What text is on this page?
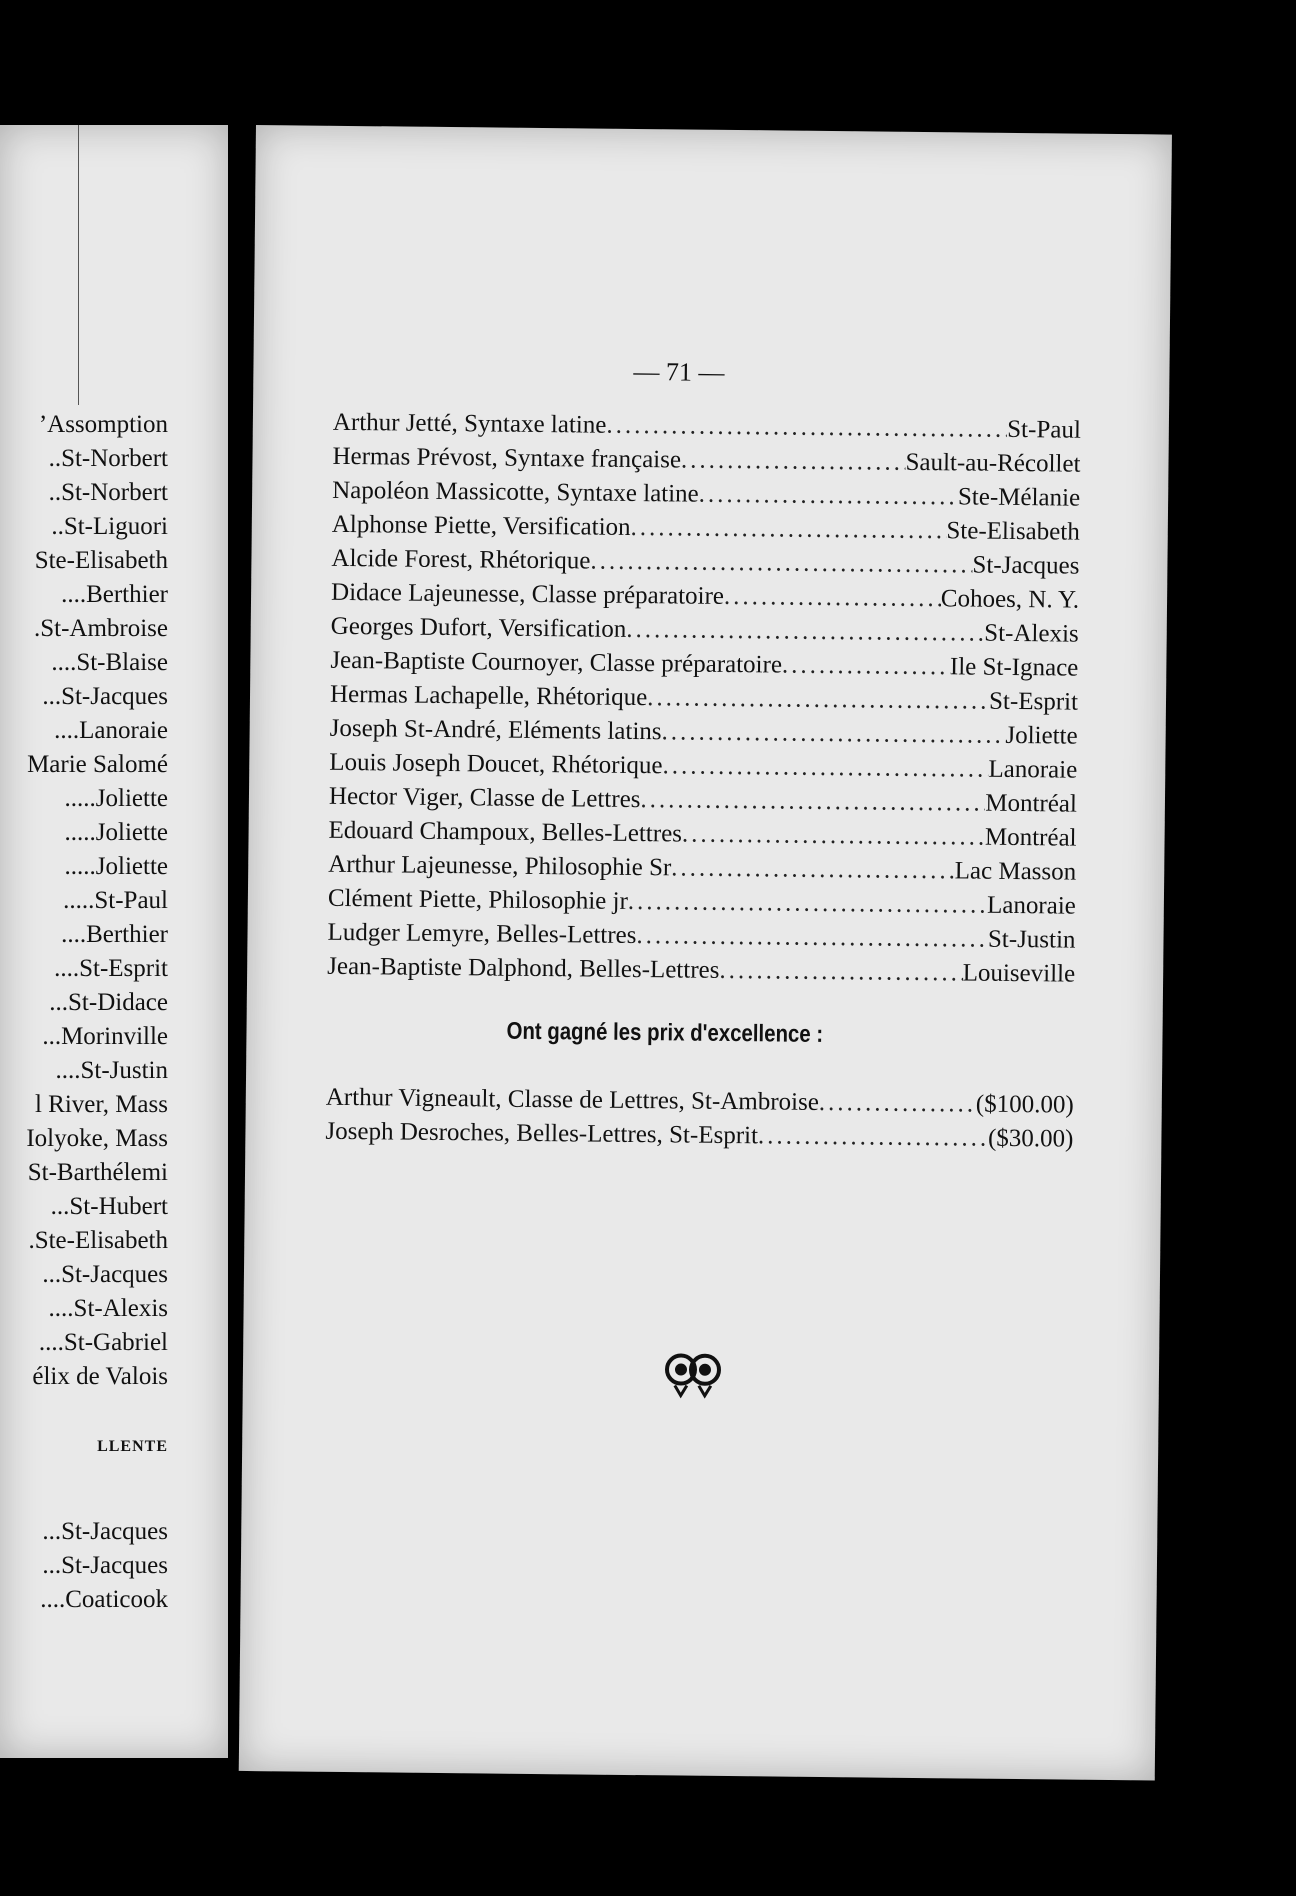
’Assomption
..St-Norbert
..St-Norbert
..St-Liguori
Ste-Elisabeth
....Berthier
.St-Ambroise
....St-Blaise
...St-Jacques
....Lanoraie
Marie Salomé
.....Joliette
.....Joliette
.....Joliette
.....St-Paul
....Berthier
....St-Esprit
...St-Didace
...Morinville
....St-Justin
l River, Mass
Iolyoke, Mass
St-Barthélemi
...St-Hubert
.Ste-Elisabeth
...St-Jacques
....St-Alexis
....St-Gabriel
élix de Valois
LLENTE
...St-Jacques
...St-Jacques
....Coaticook
— 71 —
Arthur Jetté, Syntaxe latine .....	St-Paul
Hermas Prévost, Syntaxe française .....	Sault-au-Récollet
Napoléon Massicotte, Syntaxe latine .....	Ste-Mélanie
Alphonse Piette, Versification .....	Ste-Elisabeth
Alcide Forest, Rhétorique .....	St-Jacques
Didace Lajeunesse, Classe préparatoire .....	Cohoes, N. Y.
Georges Dufort, Versification .....	St-Alexis
Jean-Baptiste Cournoyer, Classe préparatoire .....	Ile St-Ignace
Hermas Lachapelle, Rhétorique .....	St-Esprit
Joseph St-André, Eléments latins .....	Joliette
Louis Joseph Doucet, Rhétorique .....	Lanoraie
Hector Viger, Classe de Lettres .....	Montréal
Edouard Champoux, Belles-Lettres .....	Montréal
Arthur Lajeunesse, Philosophie Sr .....	Lac Masson
Clément Piette, Philosophie jr .....	Lanoraie
Ludger Lemyre, Belles-Lettres .....	St-Justin
Jean-Baptiste Dalphond, Belles-Lettres .....	Louiseville
Ont gagné les prix d'excellence :
Arthur Vigneault, Classe de Lettres, St-Ambroise .....	($100.00)
Joseph Desroches, Belles-Lettres, St-Esprit .....	($30.00)
